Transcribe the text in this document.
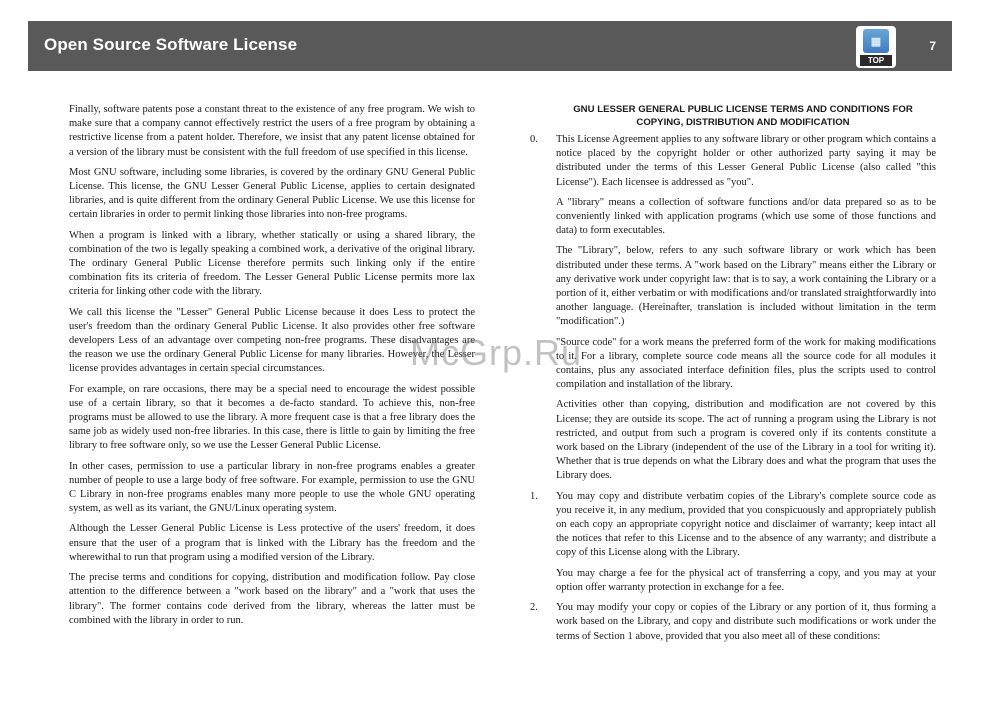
Open Source Software License	7
▦
TOP

Finally, software patents pose a constant threat to the existence of any free program. We wish to make sure that a company cannot effectively restrict the users of a free program by obtaining a restrictive license from a patent holder. Therefore, we insist that any patent license obtained for a version of the library must be consistent with the full freedom of use specified in this license.

Most GNU software, including some libraries, is covered by the ordinary GNU General Public License. This license, the GNU Lesser General Public License, applies to certain designated libraries, and is quite different from the ordinary General Public License. We use this license for certain libraries in order to permit linking those libraries into non-free programs.

When a program is linked with a library, whether statically or using a shared library, the combination of the two is legally speaking a combined work, a derivative of the original library. The ordinary General Public License therefore permits such linking only if the entire combination fits its criteria of freedom. The Lesser General Public License permits more lax criteria for linking other code with the library.

We call this license the "Lesser" General Public License because it does Less to protect the user's freedom than the ordinary General Public License. It also provides other free software developers Less of an advantage over competing non-free programs. These disadvantages are the reason we use the ordinary General Public License for many libraries. However, the Lesser license provides advantages in certain special circumstances.

For example, on rare occasions, there may be a special need to encourage the widest possible use of a certain library, so that it becomes a de-facto standard. To achieve this, non-free programs must be allowed to use the library. A more frequent case is that a free library does the same job as widely used non-free libraries. In this case, there is little to gain by limiting the free library to free software only, so we use the Lesser General Public License.

In other cases, permission to use a particular library in non-free programs enables a greater number of people to use a large body of free software. For example, permission to use the GNU C Library in non-free programs enables many more people to use the whole GNU operating system, as well as its variant, the GNU/Linux operating system.

Although the Lesser General Public License is Less protective of the users' freedom, it does ensure that the user of a program that is linked with the Library has the freedom and the wherewithal to run that program using a modified version of the Library.

The precise terms and conditions for copying, distribution and modification follow. Pay close attention to the difference between a "work based on the library" and a "work that uses the library". The former contains code derived from the library, whereas the latter must be combined with the library in order to run.

GNU LESSER GENERAL PUBLIC LICENSE TERMS AND CONDITIONS FOR COPYING, DISTRIBUTION AND MODIFICATION
0. This License Agreement applies to any software library or other program which contains a notice placed by the copyright holder or other authorized party saying it may be distributed under the terms of this Lesser General Public License (also called "this License"). Each licensee is addressed as "you".

A "library" means a collection of software functions and/or data prepared so as to be conveniently linked with application programs (which use some of those functions and data) to form executables.

The "Library", below, refers to any such software library or work which has been distributed under these terms. A "work based on the Library" means either the Library or any derivative work under copyright law: that is to say, a work containing the Library or a portion of it, either verbatim or with modifications and/or translated straightforwardly into another language. (Hereinafter, translation is included without limitation in the term "modification".)

"Source code" for a work means the preferred form of the work for making modifications to it. For a library, complete source code means all the source code for all modules it contains, plus any associated interface definition files, plus the scripts used to control compilation and installation of the library.

Activities other than copying, distribution and modification are not covered by this License; they are outside its scope. The act of running a program using the Library is not restricted, and output from such a program is covered only if its contents constitute a work based on the Library (independent of the use of the Library in a tool for writing it). Whether that is true depends on what the Library does and what the program that uses the Library does.

1. You may copy and distribute verbatim copies of the Library's complete source code as you receive it, in any medium, provided that you conspicuously and appropriately publish on each copy an appropriate copyright notice and disclaimer of warranty; keep intact all the notices that refer to this License and to the absence of any warranty; and distribute a copy of this License along with the Library.

You may charge a fee for the physical act of transferring a copy, and you may at your option offer warranty protection in exchange for a fee.

2. You may modify your copy or copies of the Library or any portion of it, thus forming a work based on the Library, and copy and distribute such modifications or work under the terms of Section 1 above, provided that you also meet all of these conditions:

McGrp.Ru
